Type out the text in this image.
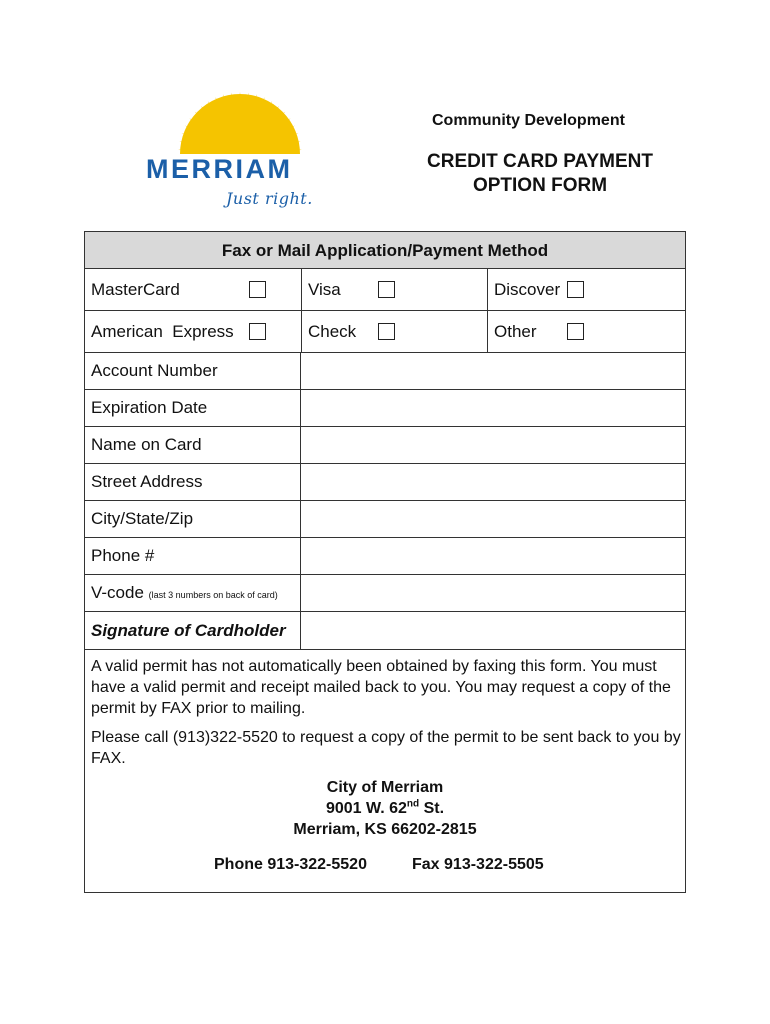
MERRIAM
Just right.
Community Development
CREDIT CARD PAYMENT
OPTION FORM
Fax or Mail Application/Payment Method
MasterCard	Visa	Discover
American  Express	Check	Other
Account Number
Expiration Date
Name on Card
Street Address
City/State/Zip
Phone #
V-code (last 3 numbers on back of card)
Signature of Cardholder
A valid permit has not automatically been obtained by faxing this form. You must have a valid permit and receipt mailed back to you. You may request a copy of the permit by FAX prior to mailing.
Please call (913)322-5520 to request a copy of the permit to be sent back to you by FAX.
City of Merriam
9001 W. 62nd St.
Merriam, KS 66202-2815
Phone 913-322-5520	Fax 913-322-5505
